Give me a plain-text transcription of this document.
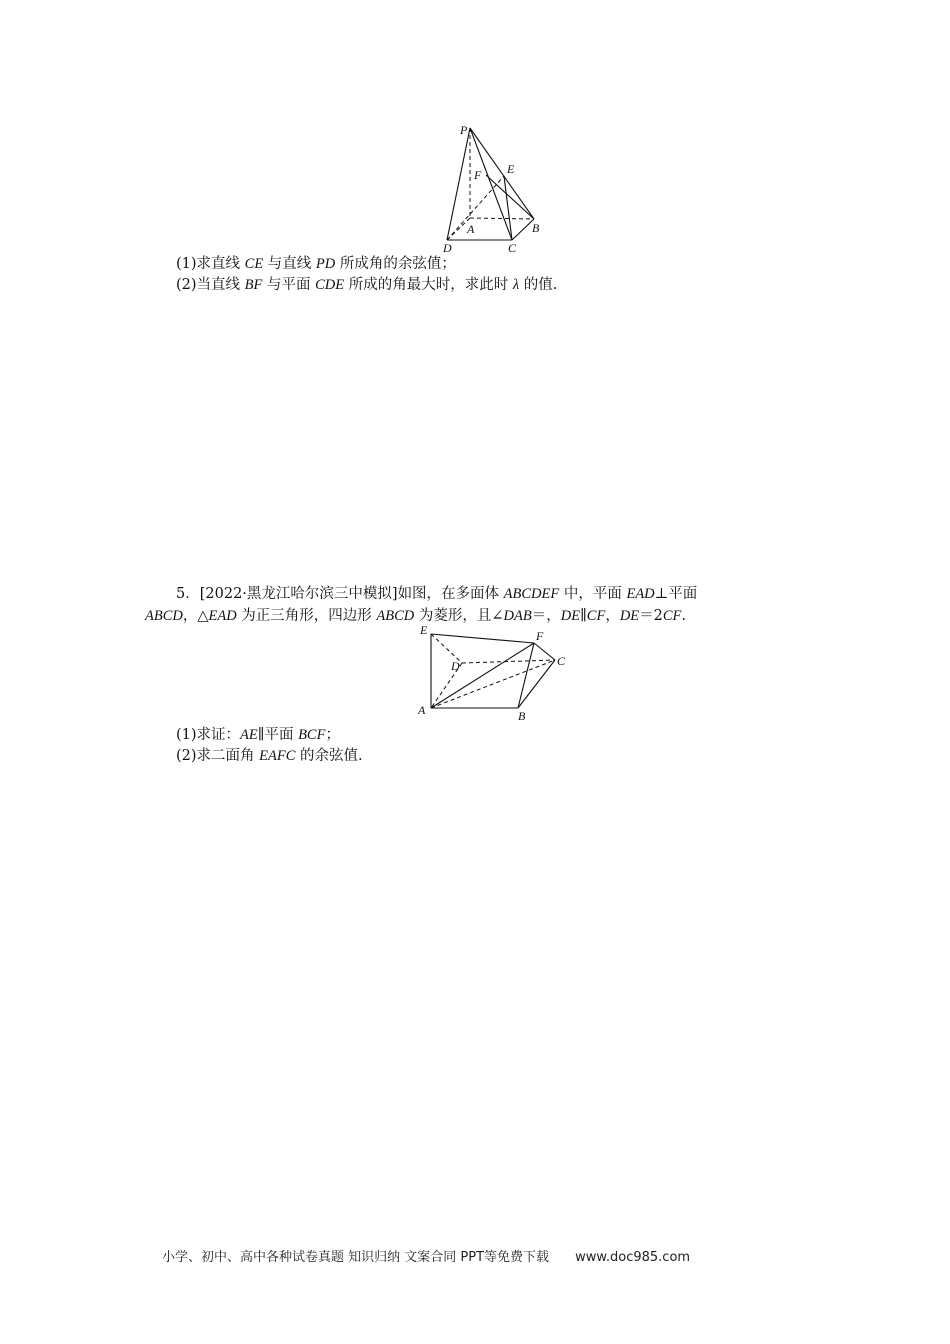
P
F E
A	B
D	C
(1)求直线 CE 与直线 PD 所成角的余弦值；
(2)当直线 BF 与平面 CDE 所成的角最大时，求此时 λ 的值.
5．[2022·黑龙江哈尔滨三中模拟]如图，在多面体 ABCDEF 中，平面 EAD⊥平面
ABCD，△EAD 为正三角形，四边形 ABCD 为菱形，且∠DAB＝，DE∥CF，DE＝2CF.
E	F
D	C
A	B
(1)求证：AE∥平面 BCF；
(2)求二面角 EAFC 的余弦值.
小学、初中、高中各种试卷真题 知识归纳 文案合同 PPT等免费下载 www.doc985.com
